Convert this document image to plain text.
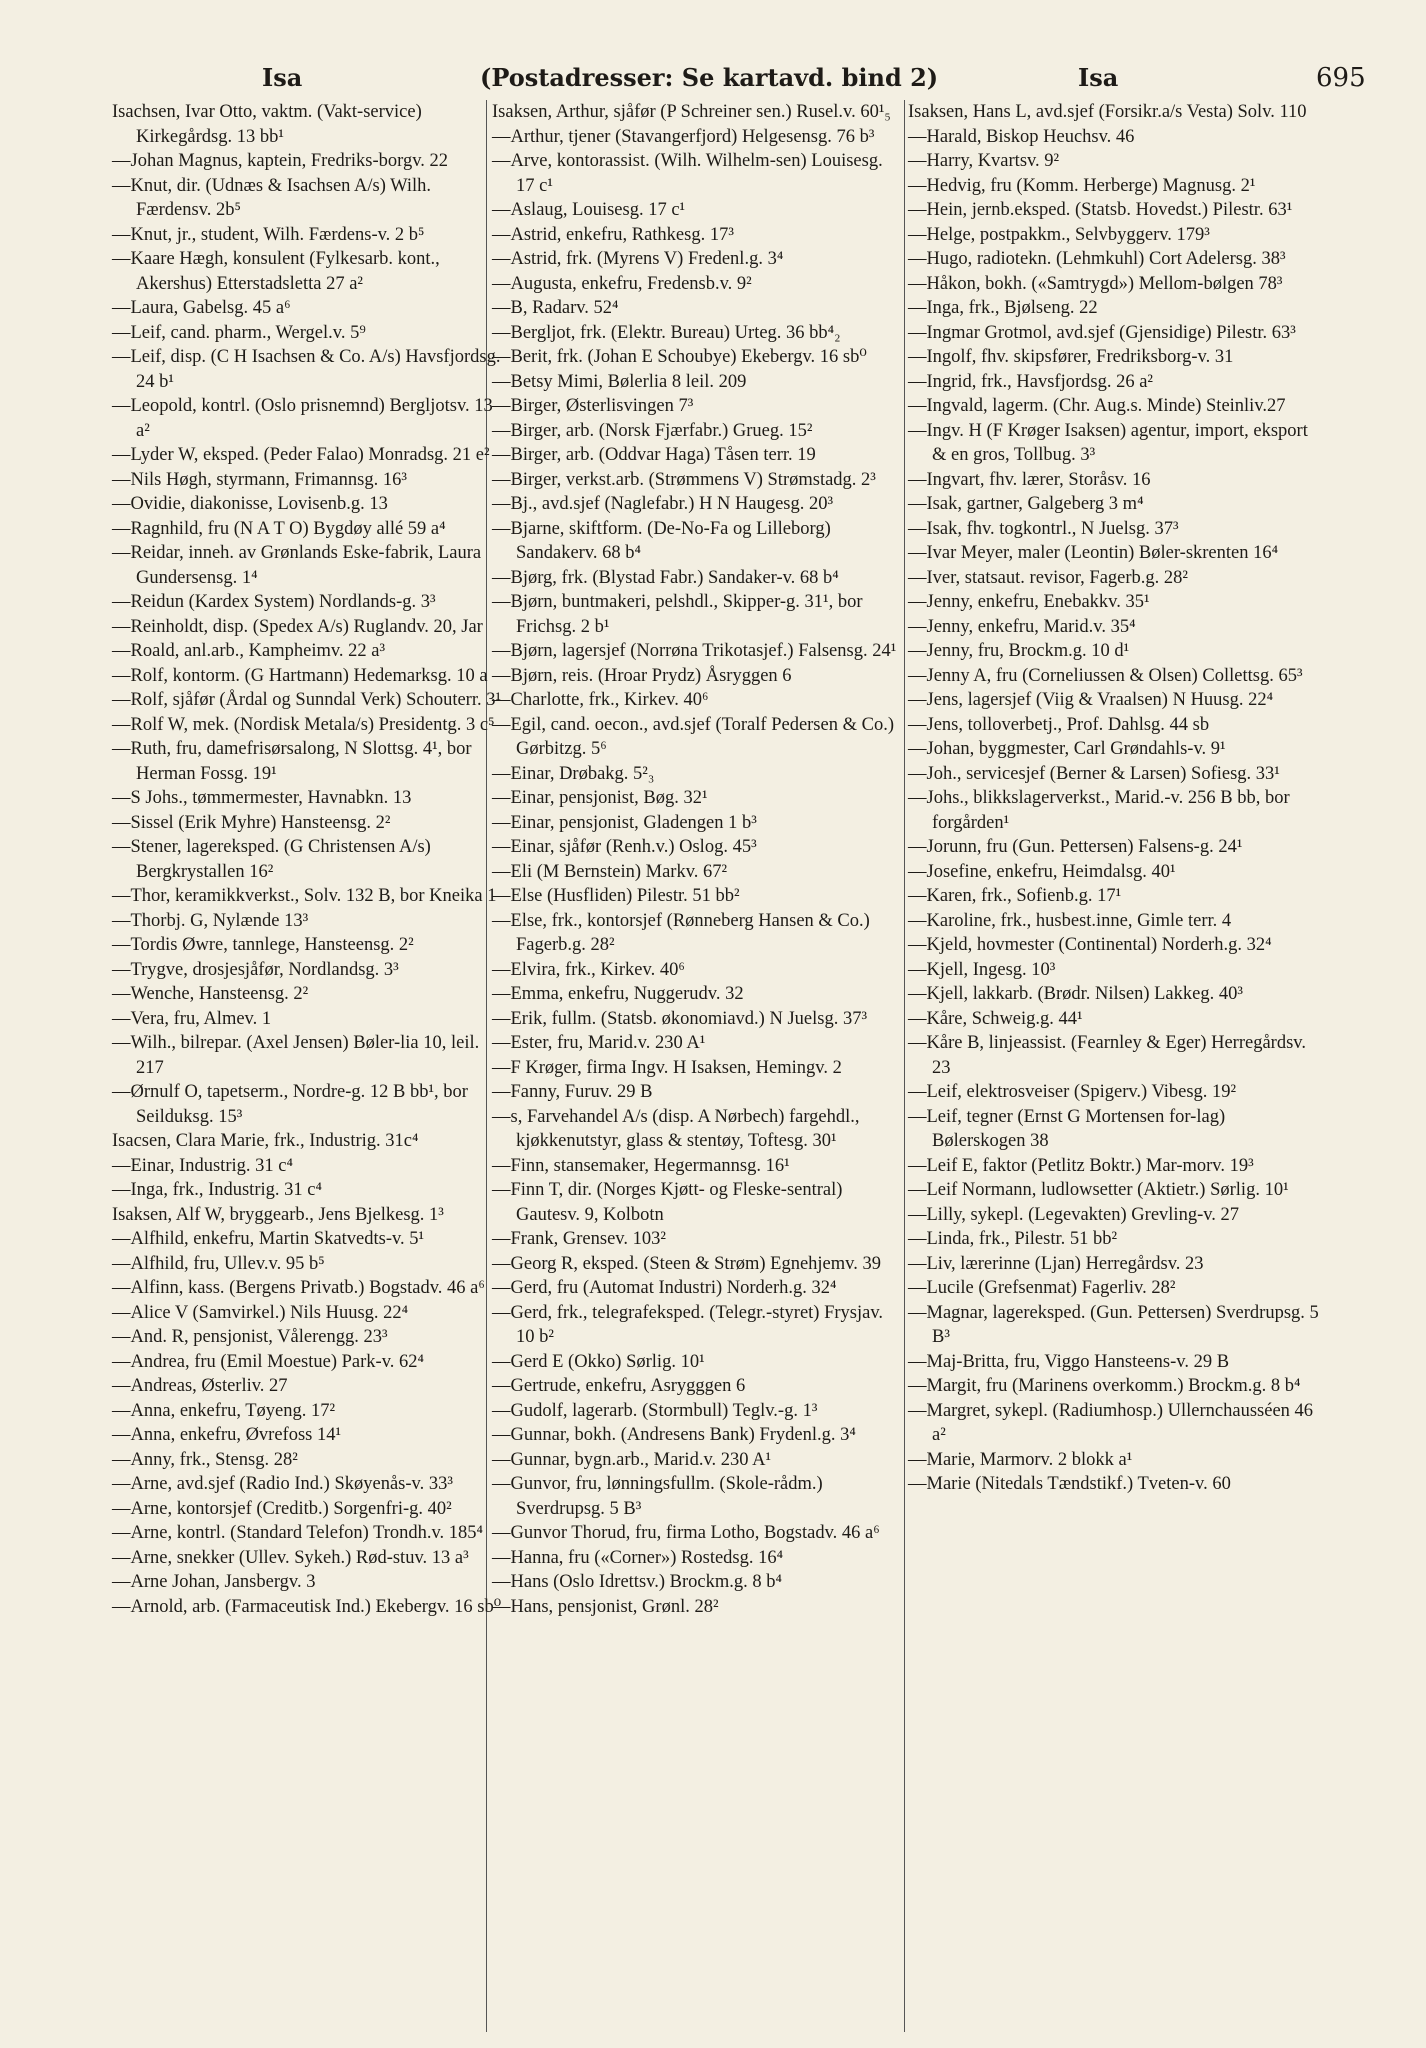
Isa	(Postadresser: Se kartavd. bind 2)	Isa	695

Isachsen, Ivar Otto, vaktm. (Vakt-service) Kirkegårdsg. 13 bb¹

—Johan Magnus, kaptein, Fredriks-borgv. 22

—Knut, dir. (Udnæs & Isachsen A/s) Wilh. Færdensv. 2b⁵

—Knut, jr., student, Wilh. Færdens-v. 2 b⁵

—Kaare Hægh, konsulent (Fylkesarb. kont., Akershus) Etterstadsletta 27 a²

—Laura, Gabelsg. 45 a⁶

—Leif, cand. pharm., Wergel.v. 5⁹

—Leif, disp. (C H Isachsen & Co. A/s) Havsfjordsg. 24 b¹

—Leopold, kontrl. (Oslo prisnemnd) Bergljotsv. 13 a²

—Lyder W, eksped. (Peder Falao) Monradsg. 21 e²

—Nils Høgh, styrmann, Frimannsg. 16³

—Ovidie, diakonisse, Lovisenb.g. 13

—Ragnhild, fru (N A T O) Bygdøy allé 59 a⁴

—Reidar, inneh. av Grønlands Eske-fabrik, Laura Gundersensg. 1⁴

—Reidun (Kardex System) Nordlands-g. 3³

—Reinholdt, disp. (Spedex A/s) Ruglandv. 20, Jar

—Roald, anl.arb., Kampheimv. 22 a³

—Rolf, kontorm. (G Hartmann) Hedemarksg. 10 a

—Rolf, sjåfør (Årdal og Sunndal Verk) Schouterr. 3¹

—Rolf W, mek. (Nordisk Metala/s) Presidentg. 3 c⁵

—Ruth, fru, damefrisørsalong, N Slottsg. 4¹, bor Herman Fossg. 19¹

—S Johs., tømmermester, Havnabkn. 13

—Sissel (Erik Myhre) Hansteensg. 2²

—Stener, lagereksped. (G Christensen A/s) Bergkrystallen 16²

—Thor, keramikkverkst., Solv. 132 B, bor Kneika 1

—Thorbj. G, Nylænde 13³

—Tordis Øwre, tannlege, Hansteensg. 2²

—Trygve, drosjesjåfør, Nordlandsg. 3³

—Wenche, Hansteensg. 2²

—Vera, fru, Almev. 1

—Wilh., bilrepar. (Axel Jensen) Bøler-lia 10, leil. 217

—Ørnulf O, tapetserm., Nordre-g. 12 B bb¹, bor Seilduksg. 15³

Isacsen, Clara Marie, frk., Industrig. 31c⁴

—Einar, Industrig. 31 c⁴

—Inga, frk., Industrig. 31 c⁴

Isaksen, Alf W, bryggearb., Jens Bjelkesg. 1³

—Alfhild, enkefru, Martin Skatvedts-v. 5¹

—Alfhild, fru, Ullev.v. 95 b⁵

—Alfinn, kass. (Bergens Privatb.) Bogstadv. 46 a⁶

—Alice V (Samvirkel.) Nils Huusg. 22⁴

—And. R, pensjonist, Vålerengg. 23³

—Andrea, fru (Emil Moestue) Park-v. 62⁴

—Andreas, Østerliv. 27

—Anna, enkefru, Tøyeng. 17²

—Anna, enkefru, Øvrefoss 14¹

—Anny, frk., Stensg. 28²

—Arne, avd.sjef (Radio Ind.) Skøyenås-v. 33³

—Arne, kontorsjef (Creditb.) Sorgenfri-g. 40²

—Arne, kontrl. (Standard Telefon) Trondh.v. 185⁴

—Arne, snekker (Ullev. Sykeh.) Rød-stuv. 13 a³

—Arne Johan, Jansbergv. 3

—Arnold, arb. (Farmaceutisk Ind.) Ekebergv. 16 sb⁰

Isaksen, Arthur, sjåfør (P Schreiner sen.) Rusel.v. 60¹₅

—Arthur, tjener (Stavangerfjord) Helgesensg. 76 b³

—Arve, kontorassist. (Wilh. Wilhelm-sen) Louisesg. 17 c¹

—Aslaug, Louisesg. 17 c¹

—Astrid, enkefru, Rathkesg. 17³

—Astrid, frk. (Myrens V) Fredenl.g. 3⁴

—Augusta, enkefru, Fredensb.v. 9²

—B, Radarv. 52⁴

—Bergljot, frk. (Elektr. Bureau) Urteg. 36 bb⁴₂

—Berit, frk. (Johan E Schoubye) Ekebergv. 16 sb⁰

—Betsy Mimi, Bølerlia 8 leil. 209

—Birger, Østerlisvingen 7³

—Birger, arb. (Norsk Fjærfabr.) Grueg. 15²

—Birger, arb. (Oddvar Haga) Tåsen terr. 19

—Birger, verkst.arb. (Strømmens V) Strømstadg. 2³

—Bj., avd.sjef (Naglefabr.) H N Haugesg. 20³

—Bjarne, skiftform. (De-No-Fa og Lilleborg) Sandakerv. 68 b⁴

—Bjørg, frk. (Blystad Fabr.) Sandaker-v. 68 b⁴

—Bjørn, buntmakeri, pelshdl., Skipper-g. 31¹, bor Frichsg. 2 b¹

—Bjørn, lagersjef (Norrøna Trikotasjef.) Falsensg. 24¹

—Bjørn, reis. (Hroar Prydz) Åsryggen 6

—Charlotte, frk., Kirkev. 40⁶

—Egil, cand. oecon., avd.sjef (Toralf Pedersen & Co.) Gørbitzg. 5⁶

—Einar, Drøbakg. 5²₃

—Einar, pensjonist, Bøg. 32¹

—Einar, pensjonist, Gladengen 1 b³

—Einar, sjåfør (Renh.v.) Oslog. 45³

—Eli (M Bernstein) Markv. 67²

—Else (Husfliden) Pilestr. 51 bb²

—Else, frk., kontorsjef (Rønneberg Hansen & Co.) Fagerb.g. 28²

—Elvira, frk., Kirkev. 40⁶

—Emma, enkefru, Nuggerudv. 32

—Erik, fullm. (Statsb. økonomiavd.) N Juelsg. 37³

—Ester, fru, Marid.v. 230 A¹

—F Krøger, firma Ingv. H Isaksen, Hemingv. 2

—Fanny, Furuv. 29 B

—s, Farvehandel A/s (disp. A Nørbech) fargehdl., kjøkkenutstyr, glass & stentøy, Toftesg. 30¹

—Finn, stansemaker, Hegermannsg. 16¹

—Finn T, dir. (Norges Kjøtt- og Fleske-sentral) Gautesv. 9, Kolbotn

—Frank, Grensev. 103²

—Georg R, eksped. (Steen & Strøm) Egnehjemv. 39

—Gerd, fru (Automat Industri) Norderh.g. 32⁴

—Gerd, frk., telegrafeksped. (Telegr.-styret) Frysjav. 10 b²

—Gerd E (Okko) Sørlig. 10¹

—Gertrude, enkefru, Asrygggen 6

—Gudolf, lagerarb. (Stormbull) Teglv.-g. 1³

—Gunnar, bokh. (Andresens Bank) Frydenl.g. 3⁴

—Gunnar, bygn.arb., Marid.v. 230 A¹

—Gunvor, fru, lønningsfullm. (Skole-rådm.) Sverdrupsg. 5 B³

—Gunvor Thorud, fru, firma Lotho, Bogstadv. 46 a⁶

—Hanna, fru («Corner») Rostedsg. 16⁴

—Hans (Oslo Idrettsv.) Brockm.g. 8 b⁴

—Hans, pensjonist, Grønl. 28²

Isaksen, Hans L, avd.sjef (Forsikr.a/s Vesta) Solv. 110

—Harald, Biskop Heuchsv. 46

—Harry, Kvartsv. 9²

—Hedvig, fru (Komm. Herberge) Magnusg. 2¹

—Hein, jernb.eksped. (Statsb. Hovedst.) Pilestr. 63¹

—Helge, postpakkm., Selvbyggerv. 179³

—Hugo, radiotekn. (Lehmkuhl) Cort Adelersg. 38³

—Håkon, bokh. («Samtrygd») Mellom-bølgen 78³

—Inga, frk., Bjølseng. 22

—Ingmar Grotmol, avd.sjef (Gjensidige) Pilestr. 63³

—Ingolf, fhv. skipsfører, Fredriksborg-v. 31

—Ingrid, frk., Havsfjordsg. 26 a²

—Ingvald, lagerm. (Chr. Aug.s. Minde) Steinliv.27

—Ingv. H (F Krøger Isaksen) agentur, import, eksport & en gros, Tollbug. 3³

—Ingvart, fhv. lærer, Storåsv. 16

—Isak, gartner, Galgeberg 3 m⁴

—Isak, fhv. togkontrl., N Juelsg. 37³

—Ivar Meyer, maler (Leontin) Bøler-skrenten 16⁴

—Iver, statsaut. revisor, Fagerb.g. 28²

—Jenny, enkefru, Enebakkv. 35¹

—Jenny, enkefru, Marid.v. 35⁴

—Jenny, fru, Brockm.g. 10 d¹

—Jenny A, fru (Corneliussen & Olsen) Collettsg. 65³

—Jens, lagersjef (Viig & Vraalsen) N Huusg. 22⁴

—Jens, tolloverbetj., Prof. Dahlsg. 44 sb

—Johan, byggmester, Carl Grøndahls-v. 9¹

—Joh., servicesjef (Berner & Larsen) Sofiesg. 33¹

—Johs., blikkslagerverkst., Marid.-v. 256 B bb, bor forgården¹

—Jorunn, fru (Gun. Pettersen) Falsens-g. 24¹

—Josefine, enkefru, Heimdalsg. 40¹

—Karen, frk., Sofienb.g. 17¹

—Karoline, frk., husbest.inne, Gimle terr. 4

—Kjeld, hovmester (Continental) Norderh.g. 32⁴

—Kjell, Ingesg. 10³

—Kjell, lakkarb. (Brødr. Nilsen) Lakkeg. 40³

—Kåre, Schweig.g. 44¹

—Kåre B, linjeassist. (Fearnley & Eger) Herregårdsv. 23

—Leif, elektrosveiser (Spigerv.) Vibesg. 19²

—Leif, tegner (Ernst G Mortensen for-lag) Bølerskogen 38

—Leif E, faktor (Petlitz Boktr.) Mar-morv. 19³

—Leif Normann, ludlowsetter (Aktietr.) Sørlig. 10¹

—Lilly, sykepl. (Legevakten) Grevling-v. 27

—Linda, frk., Pilestr. 51 bb²

—Liv, lærerinne (Ljan) Herregårdsv. 23

—Lucile (Grefsenmat) Fagerliv. 28²

—Magnar, lagereksped. (Gun. Pettersen) Sverdrupsg. 5 B³

—Maj-Britta, fru, Viggo Hansteens-v. 29 B

—Margit, fru (Marinens overkomm.) Brockm.g. 8 b⁴

—Margret, sykepl. (Radiumhosp.) Ullernchausséen 46 a²

—Marie, Marmorv. 2 blokk a¹

—Marie (Nitedals Tændstikf.) Tveten-v. 60
